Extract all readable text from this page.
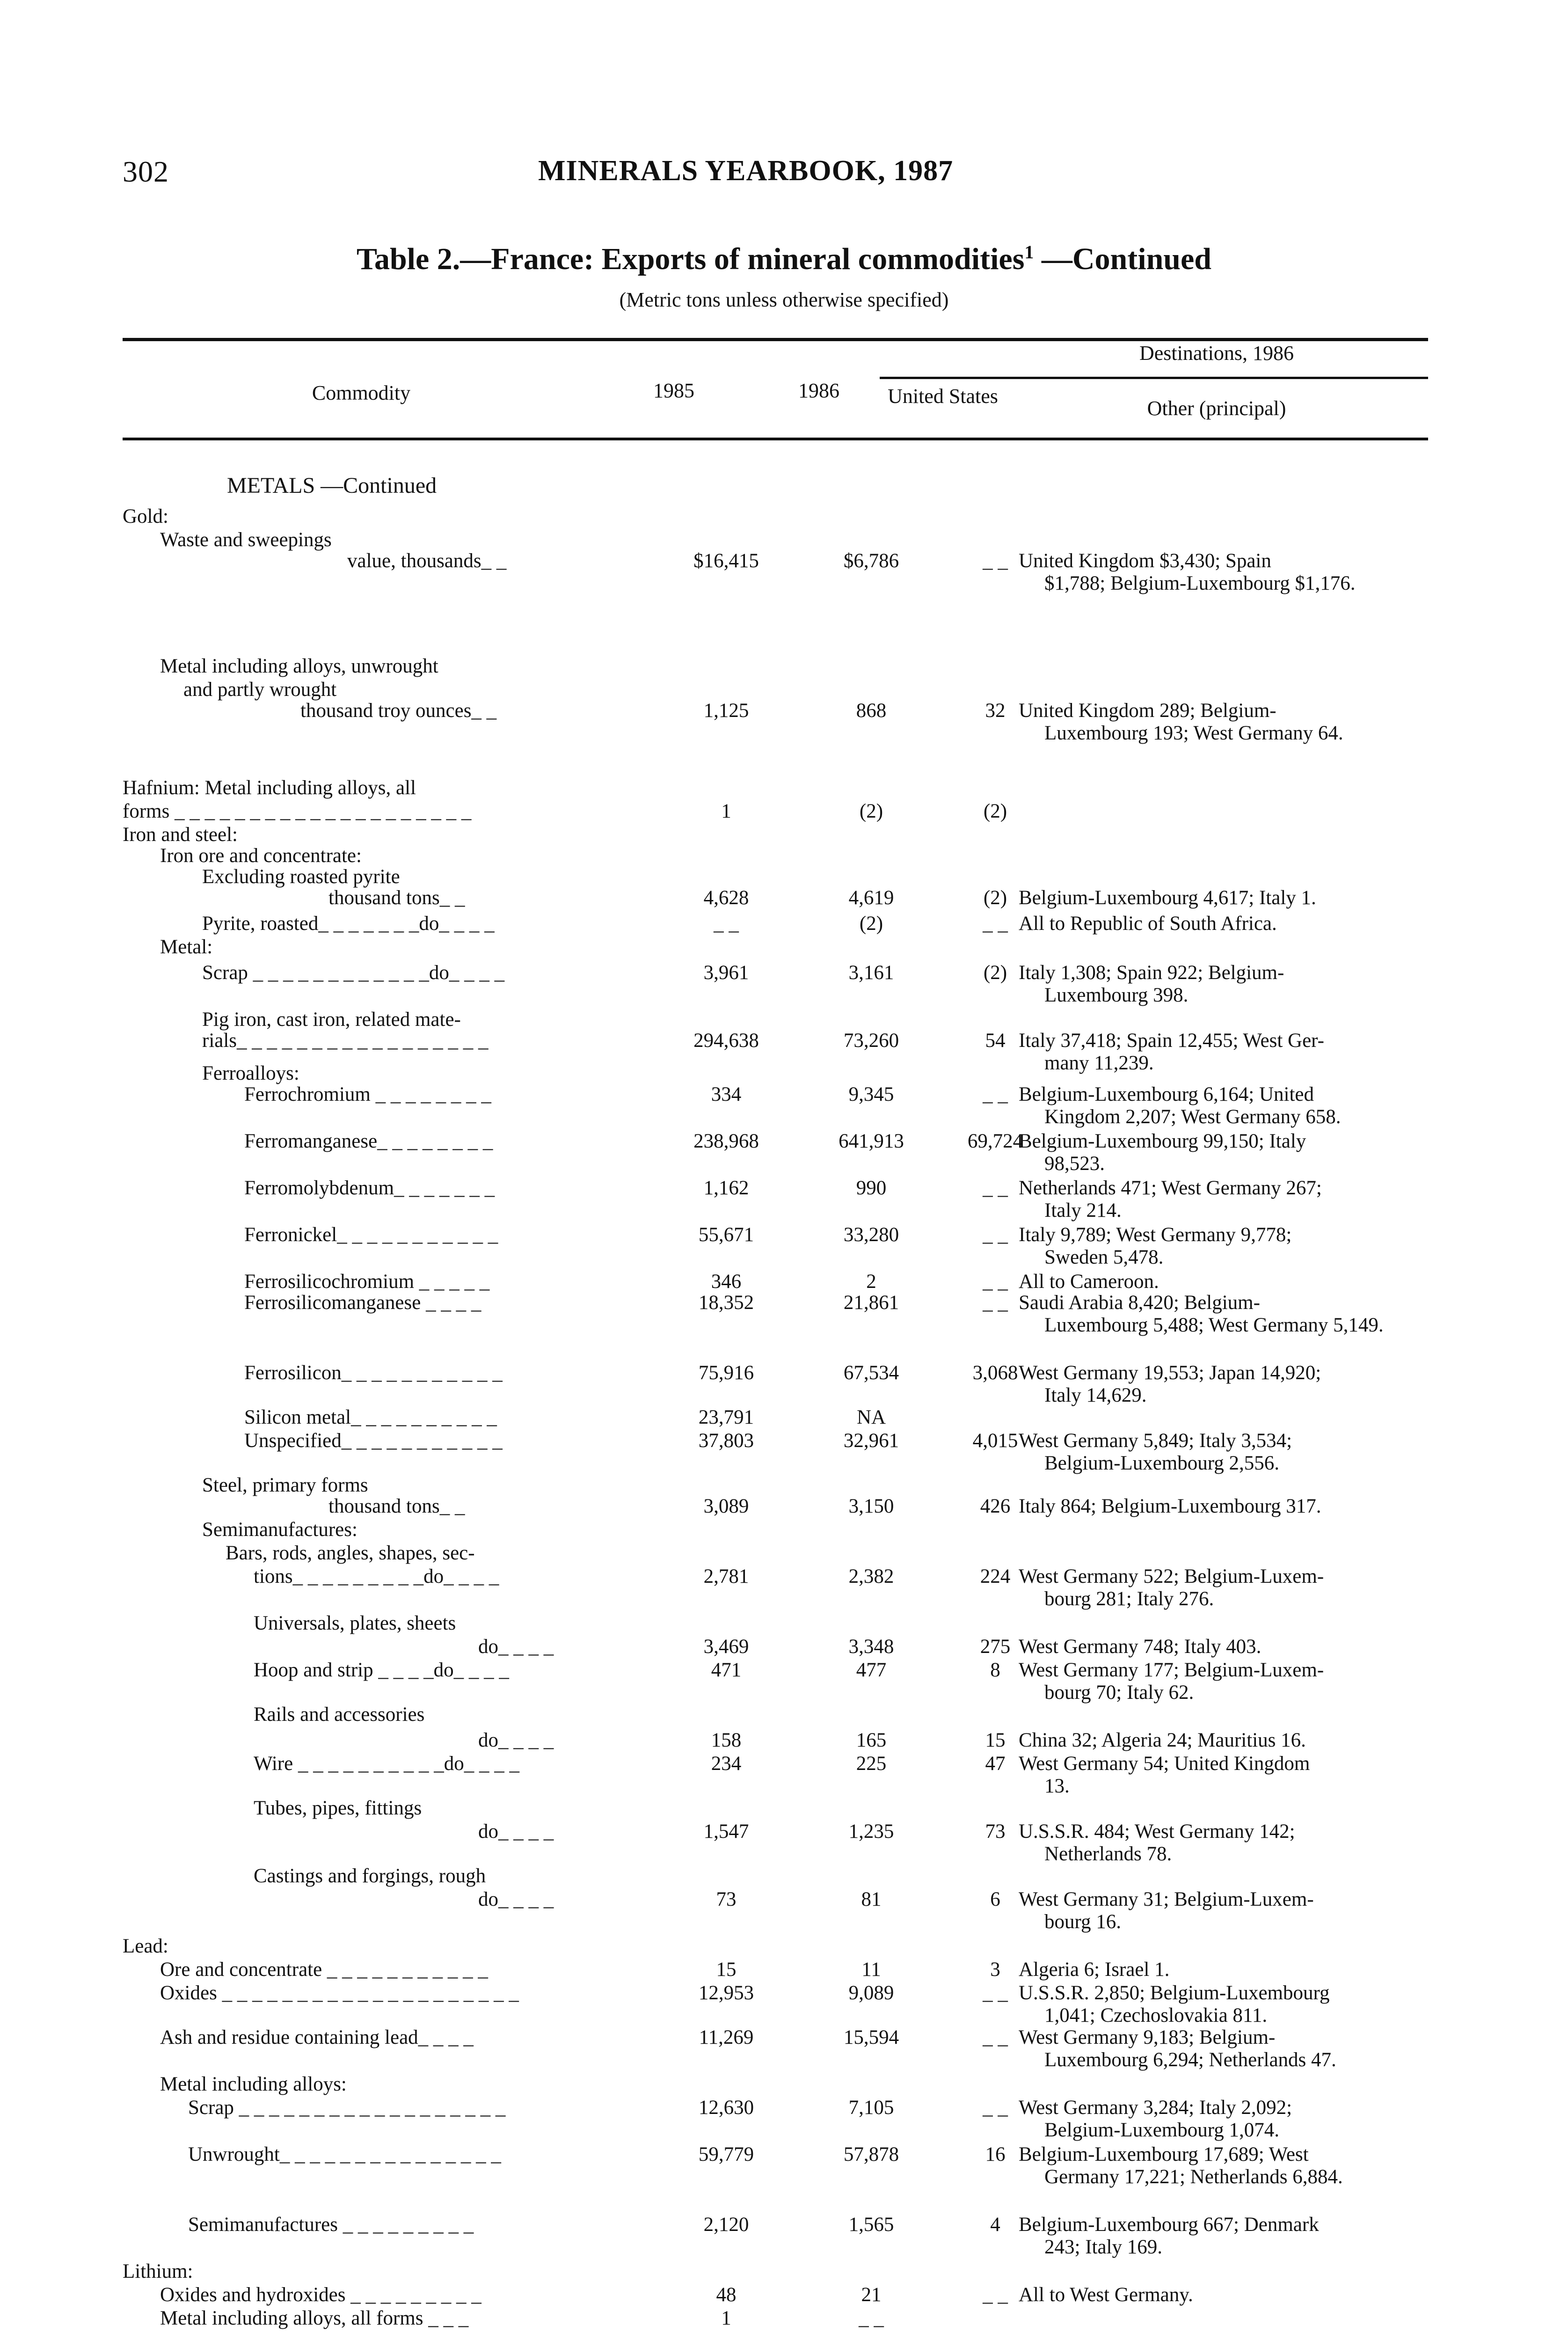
302	MINERALS YEARBOOK, 1987
Table 2.—France: Exports of mineral commodities$^1$ —Continued
(Metric tons unless otherwise specified)
Commodity	1985	1986
Destinations, 1986
United States
Other (principal)
METALS —Continued
Gold:
Waste and sweepings
value, thousands_ _	$16,415	$6,786	_ _ United Kingdom $3,430; Spain
$1,788; Belgium-Luxembourg $1,176.
Metal including alloys, unwrought
and partly wrought
thousand troy ounces_ _	1,125	868	32 United Kingdom 289; Belgium-
Luxembourg 193; West Germany 64.
Hafnium: Metal including alloys, all
forms _ _ _ _ _ _ _ _ _ _ _ _ _ _ _ _ _ _ _ _	1	(2)	(2)
Iron and steel:
Iron ore and concentrate:
Excluding roasted pyrite
thousand tons_ _	4,628	4,619	(2) Belgium-Luxembourg 4,617; Italy 1.
Pyrite, roasted_ _ _ _ _ _ _do_ _ _ _	_ _	(2)	_ _ All to Republic of South Africa.
Metal:
Scrap _ _ _ _ _ _ _ _ _ _ _ _do_ _ _ _	3,961	3,161	(2) Italy 1,308; Spain 922; Belgium-
Luxembourg 398.
Pig iron, cast iron, related mate-
rials_ _ _ _ _ _ _ _ _ _ _ _ _ _ _ _ _	294,638	73,260	54 Italy 37,418; Spain 12,455; West Ger-
many 11,239.
Ferroalloys:
Ferrochromium _ _ _ _ _ _ _ _	334	9,345	_ _ Belgium-Luxembourg 6,164; United
Kingdom 2,207; West Germany 658.
Ferromanganese_ _ _ _ _ _ _ _	238,968	641,913	69,724
Belgium-Luxembourg 99,150; Italy
98,523.
Ferromolybdenum_ _ _ _ _ _ _	1,162	990	_ _ Netherlands 471; West Germany 267;
Italy 214.
Ferronickel_ _ _ _ _ _ _ _ _ _ _	55,671	33,280	_ _ Italy 9,789; West Germany 9,778;
Sweden 5,478.
Ferrosilicochromium _ _ _ _ _	346	2	_ _ All to Cameroon.
Ferrosilicomanganese _ _ _ _	18,352	21,861	_ _ Saudi Arabia 8,420; Belgium-
Luxembourg 5,488; West Germany 5,149.
Ferrosilicon_ _ _ _ _ _ _ _ _ _ _	75,916	67,534	3,068 West Germany 19,553; Japan 14,920;
Italy 14,629.
Silicon metal_ _ _ _ _ _ _ _ _ _	23,791	NA
Unspecified_ _ _ _ _ _ _ _ _ _ _	37,803	32,961	4,015 West Germany 5,849; Italy 3,534;
Belgium-Luxembourg 2,556.
Steel, primary forms
thousand tons_ _	3,089	3,150	426 Italy 864; Belgium-Luxembourg 317.
Semimanufactures:
Bars, rods, angles, shapes, sec-
tions_ _ _ _ _ _ _ _ _do_ _ _ _	2,781	2,382	224 West Germany 522; Belgium-Luxem-
bourg 281; Italy 276.
Universals, plates, sheets
do_ _ _ _	3,469	3,348	275 West Germany 748; Italy 403.
Hoop and strip _ _ _ _do_ _ _ _	471	477	8 West Germany 177; Belgium-Luxem-
bourg 70; Italy 62.
Rails and accessories
do_ _ _ _	158	165	15 China 32; Algeria 24; Mauritius 16.
Wire _ _ _ _ _ _ _ _ _ _do_ _ _ _	234	225	47 West Germany 54; United Kingdom
13.
Tubes, pipes, fittings
do_ _ _ _	1,547	1,235	73 U.S.S.R. 484; West Germany 142;
Netherlands 78.
Castings and forgings, rough
do_ _ _ _	73	81	6 West Germany 31; Belgium-Luxem-
bourg 16.
Lead:
Ore and concentrate _ _ _ _ _ _ _ _ _ _ _	15	11	3 Algeria 6; Israel 1.
Oxides _ _ _ _ _ _ _ _ _ _ _ _ _ _ _ _ _ _ _ _	12,953	9,089	_ _ U.S.S.R. 2,850; Belgium-Luxembourg
1,041; Czechoslovakia 811.
Ash and residue containing lead_ _ _ _	11,269	15,594	_ _ West Germany 9,183; Belgium-
Luxembourg 6,294; Netherlands 47.
Metal including alloys:
Scrap _ _ _ _ _ _ _ _ _ _ _ _ _ _ _ _ _ _	12,630	7,105	_ _ West Germany 3,284; Italy 2,092;
Belgium-Luxembourg 1,074.
Unwrought_ _ _ _ _ _ _ _ _ _ _ _ _ _ _	59,779	57,878	16 Belgium-Luxembourg 17,689; West
Germany 17,221; Netherlands 6,884.
Semimanufactures _ _ _ _ _ _ _ _ _	2,120	1,565	4 Belgium-Luxembourg 667; Denmark
243; Italy 169.
Lithium:
Oxides and hydroxides _ _ _ _ _ _ _ _ _	48	21	_ _ All to West Germany.
Metal including alloys, all forms _ _ _	1	_ _
